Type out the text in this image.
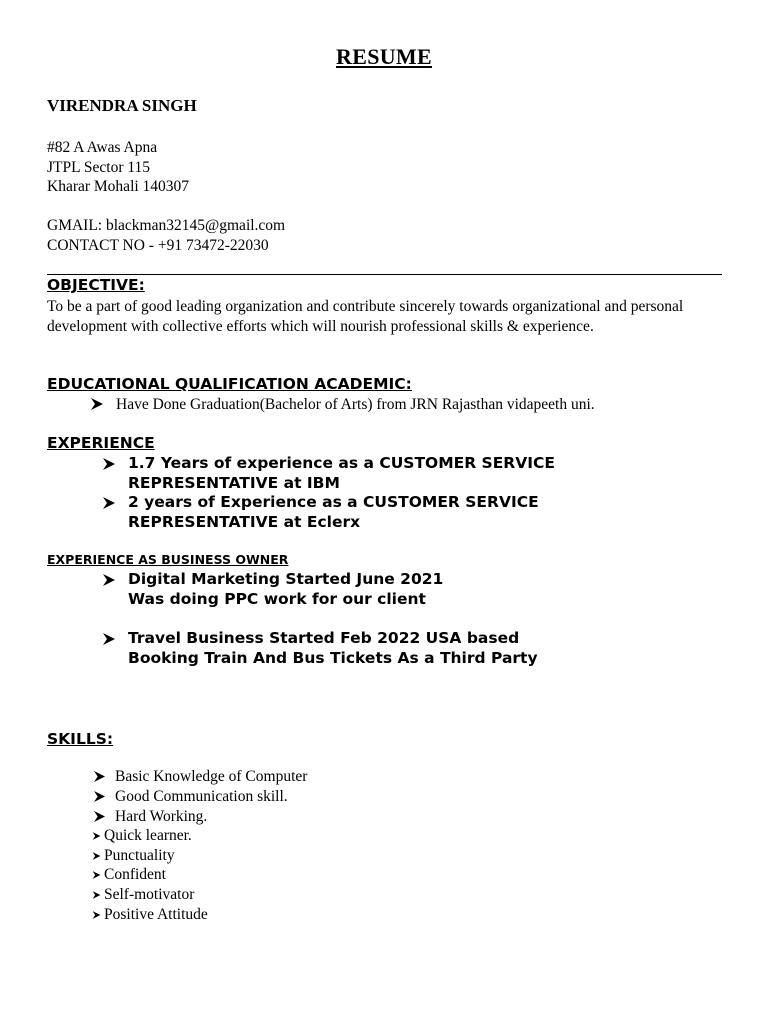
RESUME
VIRENDRA SINGH
#82 A Awas Apna
JTPL Sector 115
Kharar Mohali 140307
GMAIL: blackman32145@gmail.com
CONTACT NO - +91 73472-22030
OBJECTIVE:
To be a part of good leading organization and contribute sincerely towards organizational and personal development with collective efforts which will nourish professional skills & experience.
EDUCATIONAL QUALIFICATION ACADEMIC:
Have Done Graduation(Bachelor of Arts) from JRN Rajasthan vidapeeth uni.
EXPERIENCE
1.7 Years of experience as a CUSTOMER SERVICE
REPRESENTATIVE at IBM
2 years of Experience as a CUSTOMER SERVICE
REPRESENTATIVE at Eclerx
EXPERIENCE AS BUSINESS OWNER
Digital Marketing Started June 2021
Was doing PPC work for our client
Travel Business Started Feb 2022 USA based
Booking Train And Bus Tickets As a Third Party
SKILLS:
Basic Knowledge of Computer
Good Communication skill.
Hard Working.
Quick learner.
Punctuality
Confident
Self-motivator
Positive Attitude
